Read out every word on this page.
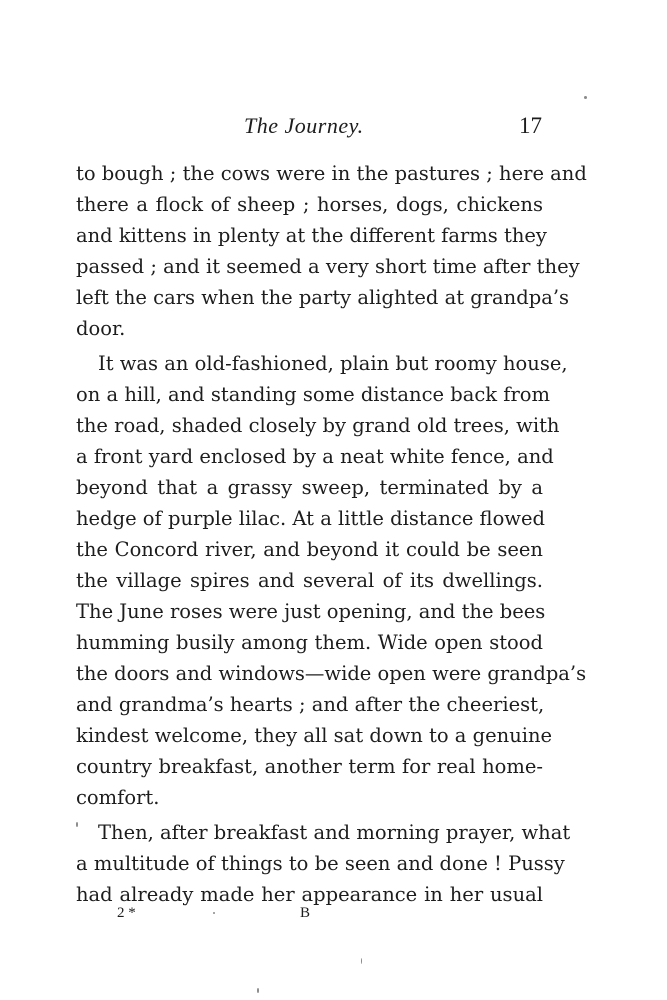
The Journey.	17
to bough ; the cows were in the pastures ; here and
there a flock of sheep ; horses, dogs, chickens
and kittens in plenty at the different farms they
passed ; and it seemed a very short time after they
left the cars when the party alighted at grandpa’s
door.
It was an old-fashioned, plain but roomy house,
on a hill, and standing some distance back from
the road, shaded closely by grand old trees, with
a front yard enclosed by a neat white fence, and
beyond that a grassy sweep, terminated by a
hedge of purple lilac. At a little distance flowed
the Concord river, and beyond it could be seen
the village spires and several of its dwellings.
The June roses were just opening, and the bees
humming busily among them. Wide open stood
the doors and windows—wide open were grandpa’s
and grandma’s hearts ; and after the cheeriest,
kindest welcome, they all sat down to a genuine
country breakfast, another term for real home-
comfort.
Then, after breakfast and morning prayer, what
a multitude of things to be seen and done ! Pussy
had already made her appearance in her usual
2 *	B
